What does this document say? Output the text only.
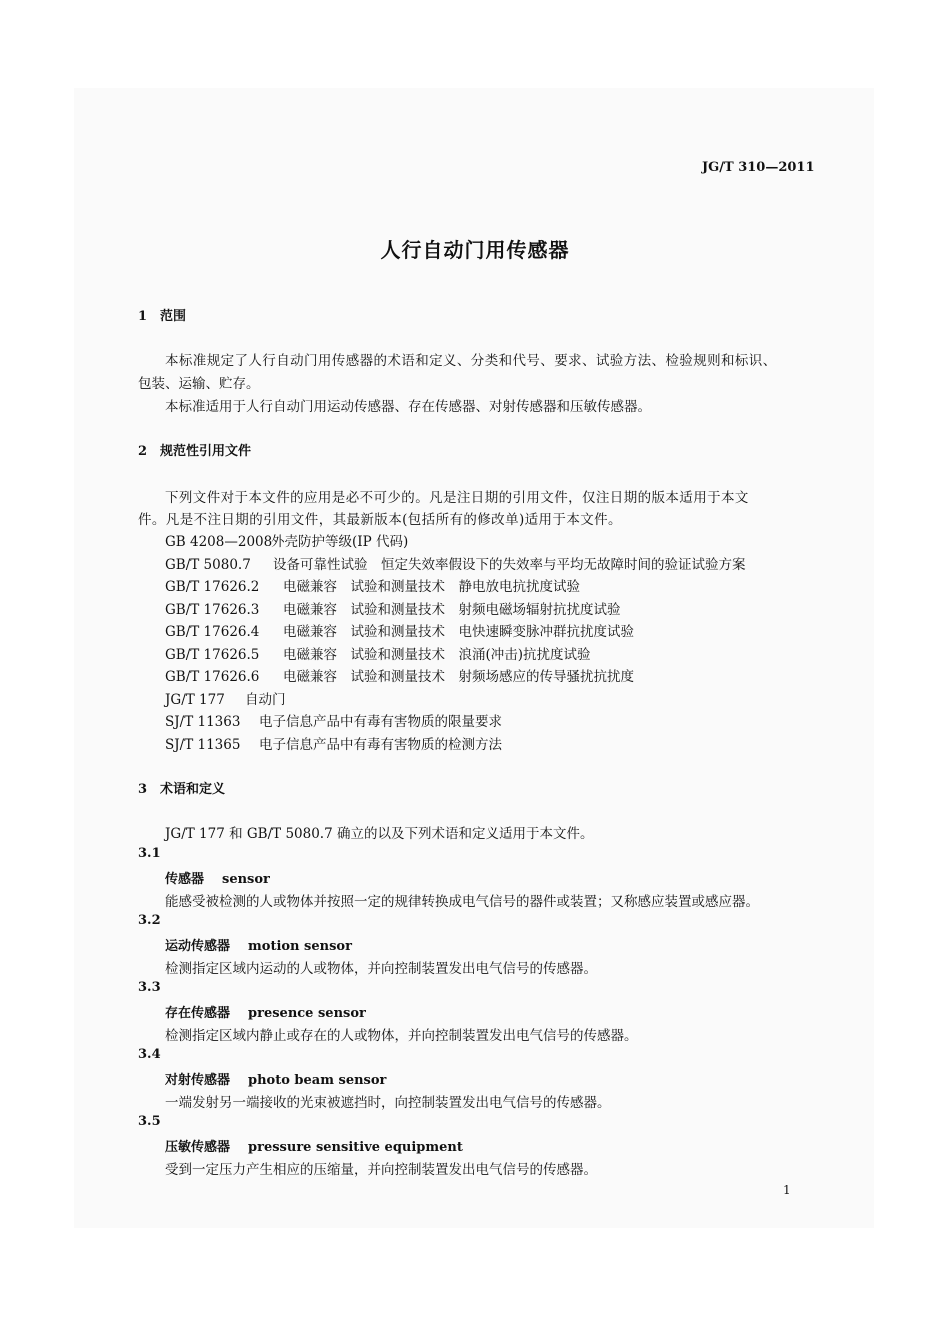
JG/T 310—2011
人行自动门用传感器
1 范围
本标准规定了人行自动门用传感器的术语和定义、分类和代号、要求、试验方法、检验规则和标识、
包装、运输、贮存。
本标准适用于人行自动门用运动传感器、存在传感器、对射传感器和压敏传感器。
2 规范性引用文件
下列文件对于本文件的应用是必不可少的。凡是注日期的引用文件，仅注日期的版本适用于本文
件。凡是不注日期的引用文件，其最新版本(包括所有的修改单)适用于本文件。
GB 4208—2008外壳防护等级(IP 代码)
GB/T 5080.7 设备可靠性试验　恒定失效率假设下的失效率与平均无故障时间的验证试验方案
GB/T 17626.2 电磁兼容　试验和测量技术　静电放电抗扰度试验
GB/T 17626.3 电磁兼容　试验和测量技术　射频电磁场辐射抗扰度试验
GB/T 17626.4 电磁兼容　试验和测量技术　电快速瞬变脉冲群抗扰度试验
GB/T 17626.5 电磁兼容　试验和测量技术　浪涌(冲击)抗扰度试验
GB/T 17626.6 电磁兼容　试验和测量技术　射频场感应的传导骚扰抗扰度
JG/T 177 自动门
SJ/T 11363 电子信息产品中有毒有害物质的限量要求
SJ/T 11365 电子信息产品中有毒有害物质的检测方法
3 术语和定义
JG/T 177 和 GB/T 5080.7 确立的以及下列术语和定义适用于本文件。
3.1
传感器 sensor
能感受被检测的人或物体并按照一定的规律转换成电气信号的器件或装置；又称感应装置或感应器。
3.2
运动传感器 motion sensor
检测指定区域内运动的人或物体，并向控制装置发出电气信号的传感器。
3.3
存在传感器 presence sensor
检测指定区域内静止或存在的人或物体，并向控制装置发出电气信号的传感器。
3.4
对射传感器 photo beam sensor
一端发射另一端接收的光束被遮挡时，向控制装置发出电气信号的传感器。
3.5
压敏传感器 pressure sensitive equipment
受到一定压力产生相应的压缩量，并向控制装置发出电气信号的传感器。
1
